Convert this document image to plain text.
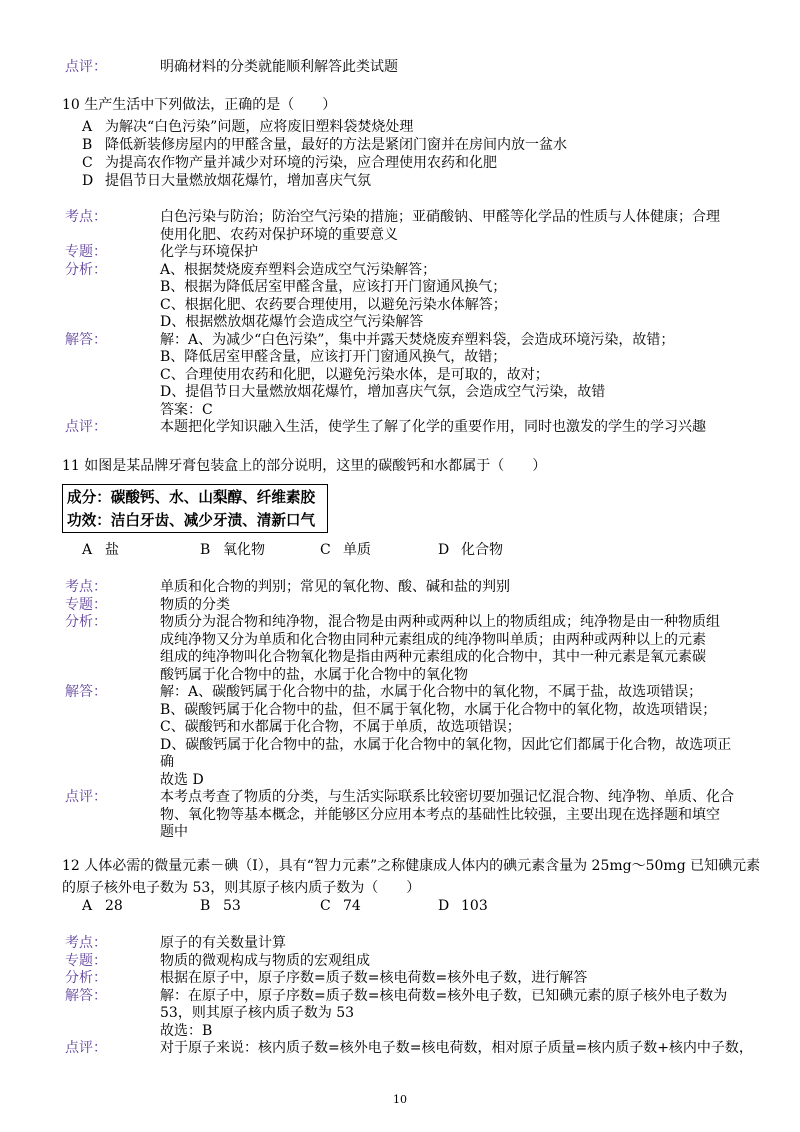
点评：	明确材料的分类就能顺利解答此类试题
10 生产生活中下列做法，正确的是（　　）
A 为解决“白色污染”问题，应将废旧塑料袋焚烧处理
B 降低新装修房屋内的甲醛含量，最好的方法是紧闭门窗并在房间内放一盆水
C 为提高农作物产量并减少对环境的污染，应合理使用农药和化肥
D 提倡节日大量燃放烟花爆竹，增加喜庆气氛
考点：	白色污染与防治；防治空气污染的措施；亚硝酸钠、甲醛等化学品的性质与人体健康；合理
使用化肥、农药对保护环境的重要意义
专题：	化学与环境保护
分析：	A、根据焚烧废弃塑料会造成空气污染解答；
B、根据为降低居室甲醛含量，应该打开门窗通风换气；
C、根据化肥、农药要合理使用，以避免污染水体解答；
D、根据燃放烟花爆竹会造成空气污染解答
解答：	解：A、为减少“白色污染”，集中并露天焚烧废弃塑料袋，会造成环境污染，故错；
B、降低居室甲醛含量，应该打开门窗通风换气，故错；
C、合理使用农药和化肥，以避免污染水体，是可取的，故对；
D、提倡节日大量燃放烟花爆竹，增加喜庆气氛，会造成空气污染，故错
答案：C
点评：	本题把化学知识融入生活，使学生了解了化学的重要作用，同时也激发的学生的学习兴趣
11 如图是某品牌牙膏包装盒上的部分说明，这里的碳酸钙和水都属于（　　）
成分：碳酸钙、水、山梨醇、纤维素胶
功效：洁白牙齿、减少牙渍、清新口气
A 盐	B 氧化物	C 单质	D 化合物
考点：	单质和化合物的判别；常见的氧化物、酸、碱和盐的判别
专题：	物质的分类
分析：	物质分为混合物和纯净物，混合物是由两种或两种以上的物质组成；纯净物是由一种物质组
成纯净物又分为单质和化合物由同种元素组成的纯净物叫单质；由两种或两种以上的元素
组成的纯净物叫化合物氧化物是指由两种元素组成的化合物中，其中一种元素是氧元素碳
酸钙属于化合物中的盐，水属于化合物中的氧化物
解答：	解：A、碳酸钙属于化合物中的盐，水属于化合物中的氧化物，不属于盐，故选项错误；
B、碳酸钙属于化合物中的盐，但不属于氧化物，水属于化合物中的氧化物，故选项错误；
C、碳酸钙和水都属于化合物，不属于单质，故选项错误；
D、碳酸钙属于化合物中的盐，水属于化合物中的氧化物，因此它们都属于化合物，故选项正
确
故选 D
点评：	本考点考查了物质的分类，与生活实际联系比较密切要加强记忆混合物、纯净物、单质、化合
物、氧化物等基本概念，并能够区分应用本考点的基础性比较强，主要出现在选择题和填空
题中
12 人体必需的微量元素－碘（I），具有“智力元素”之称健康成人体内的碘元素含量为 25mg～50mg 已知碘元素
的原子核外电子数为 53，则其原子核内质子数为（　　）
A 28	B 53	C 74	D 103
考点：	原子的有关数量计算
专题：	物质的微观构成与物质的宏观组成
分析：	根据在原子中，原子序数=质子数=核电荷数=核外电子数，进行解答
解答：	解：在原子中，原子序数=质子数=核电荷数=核外电子数，已知碘元素的原子核外电子数为
53，则其原子核内质子数为 53
故选：B
点评：	对于原子来说：核内质子数=核外电子数=核电荷数，相对原子质量=核内质子数+核内中子数，
10
